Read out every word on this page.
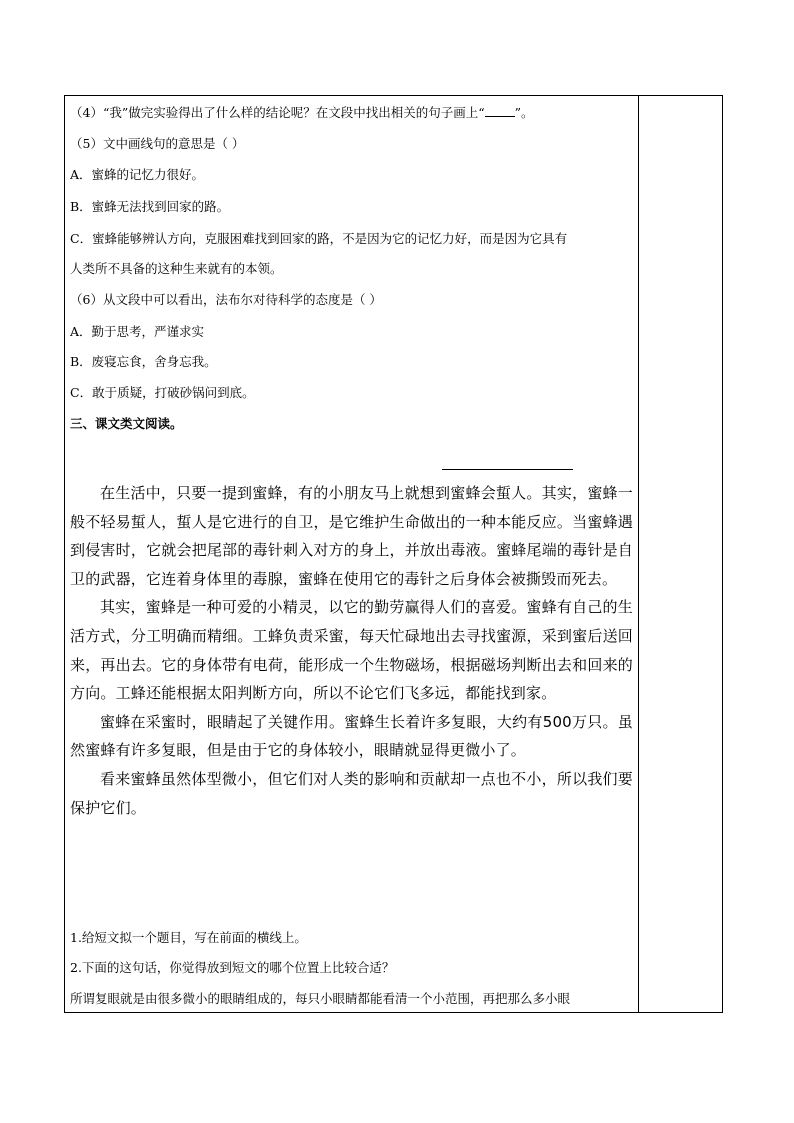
（4）“我”做完实验得出了什么样的结论呢？在文段中找出相关的句子画上“ ”。
（5）文中画线句的意思是（ ）
A．蜜蜂的记忆力很好。
B．蜜蜂无法找到回家的路。
C．蜜蜂能够辨认方向，克服困难找到回家的路，不是因为它的记忆力好，而是因为它具有
人类所不具备的这种生来就有的本领。
（6）从文段中可以看出，法布尔对待科学的态度是（ ）
A．勤于思考，严谨求实
B．废寝忘食，舍身忘我。
C．敢于质疑，打破砂锅问到底。
三、课文类文阅读。

在生活中，只要一提到蜜蜂，有的小朋友马上就想到蜜蜂会蜇人。其实，蜜蜂一般不轻易蜇人，蜇人是它进行的自卫，是它维护生命做出的一种本能反应。当蜜蜂遇到侵害时，它就会把尾部的毒针刺入对方的身上，并放出毒液。蜜蜂尾端的毒针是自卫的武器，它连着身体里的毒腺，蜜蜂在使用它的毒针之后身体会被撕毁而死去。

其实，蜜蜂是一种可爱的小精灵，以它的勤劳赢得人们的喜爱。蜜蜂有自己的生活方式，分工明确而精细。工蜂负责采蜜，每天忙碌地出去寻找蜜源，采到蜜后送回来，再出去。它的身体带有电荷，能形成一个生物磁场，根据磁场判断出去和回来的方向。工蜂还能根据太阳判断方向，所以不论它们飞多远，都能找到家。

蜜蜂在采蜜时，眼睛起了关键作用。蜜蜂生长着许多复眼，大约有500万只。虽然蜜蜂有许多复眼，但是由于它的身体较小，眼睛就显得更微小了。

看来蜜蜂虽然体型微小，但它们对人类的影响和贡献却一点也不小，所以我们要保护它们。

1.给短文拟一个题目，写在前面的横线上。
2.下面的这句话，你觉得放到短文的哪个位置上比较合适？
所谓复眼就是由很多微小的眼睛组成的，每只小眼睛都能看清一个小范围，再把那么多小眼
